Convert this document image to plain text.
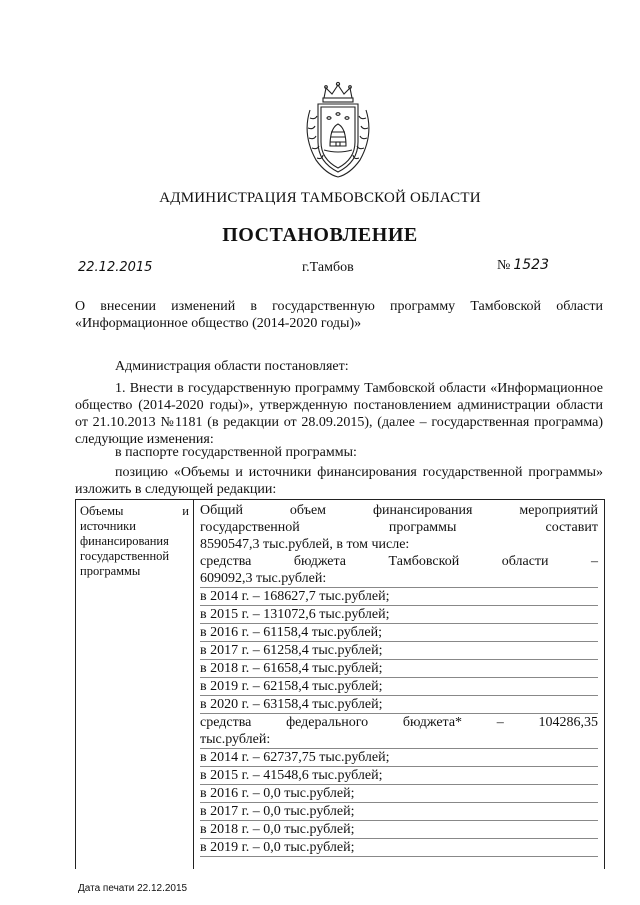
АДМИНИСТРАЦИЯ ТАМБОВСКОЙ ОБЛАСТИ
ПОСТАНОВЛЕНИЕ
22.12.2015	г.Тамбов	№ 1523

О внесении изменений в государственную программу Тамбовской области «Информационное общество (2014-2020 годы)»

Администрация области постановляет:

1. Внести в государственную программу Тамбовской области «Информационное общество (2014-2020 годы)», утвержденную постановлением администрации области от 21.10.2013 №1181 (в редакции от 28.09.2015), (далее – государственная программа) следующие изменения:

в паспорте государственной программы:

позицию «Объемы и источники финансирования государственной программы» изложить в следующей редакции:

Объемы и
источники
финансирования
государственной
программы
Общий объем финансирования мероприятий
государственной программы составит
8590547,3 тыс.рублей, в том числе:
средства бюджета Тамбовской области –
609092,3 тыс.рублей:
в 2014 г. – 168627,7 тыс.рублей;
в 2015 г. – 131072,6 тыс.рублей;
в 2016 г. – 61158,4 тыс.рублей;
в 2017 г. – 61258,4 тыс.рублей;
в 2018 г. – 61658,4 тыс.рублей;
в 2019 г. – 62158,4 тыс.рублей;
в 2020 г. – 63158,4 тыс.рублей;
средства федерального бюджета* – 104286,35
тыс.рублей:
в 2014 г. – 62737,75 тыс.рублей;
в 2015 г. – 41548,6 тыс.рублей;
в 2016 г. – 0,0 тыс.рублей;
в 2017 г. – 0,0 тыс.рублей;
в 2018 г. – 0,0 тыс.рублей;
в 2019 г. – 0,0 тыс.рублей;
Дата печати 22.12.2015
